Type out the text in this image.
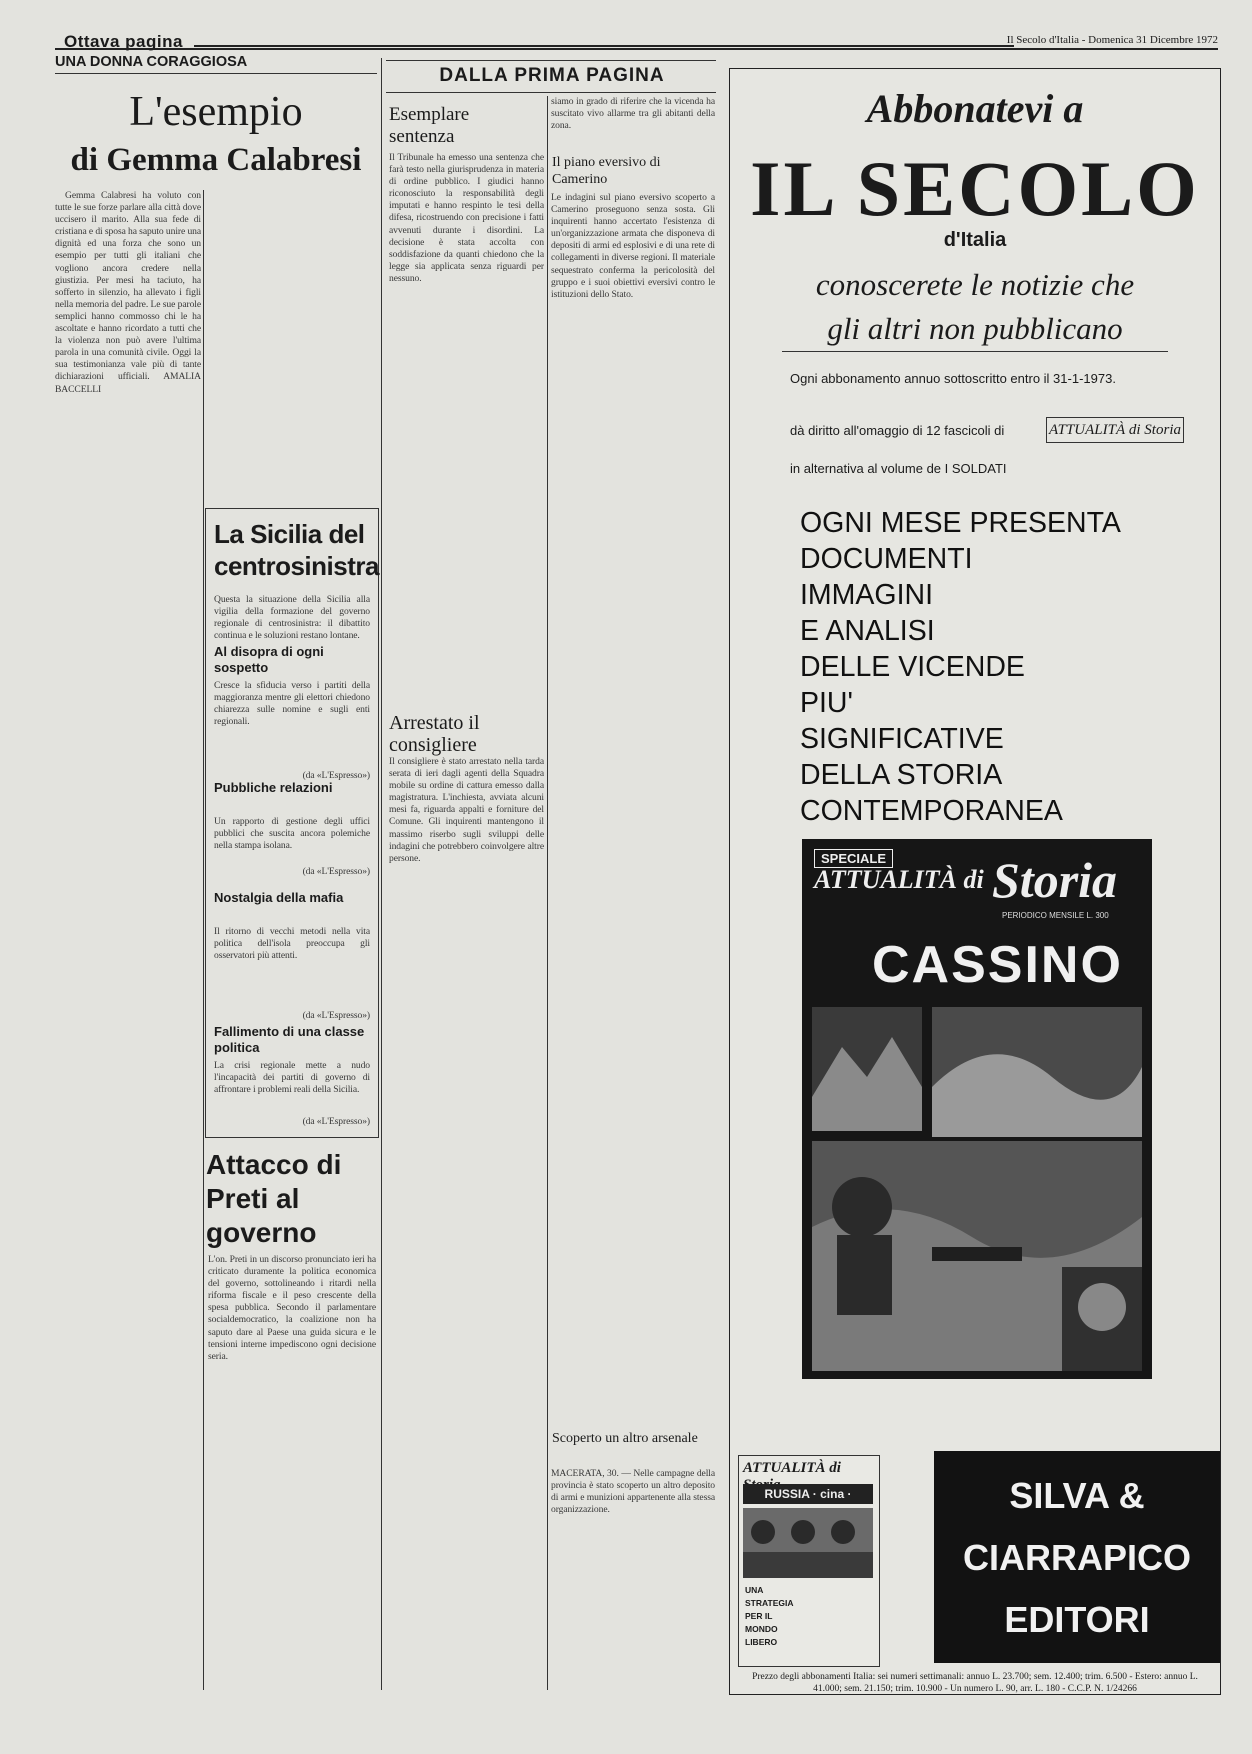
Ottava pagina	Il Secolo d'Italia - Domenica 31 Dicembre 1972
UNA DONNA CORAGGIOSA
L'esempio
di Gemma Calabresi

Gemma Calabresi ha voluto con tutte le sue forze parlare alla città dove uccisero il marito. Alla sua fede di cristiana e di sposa ha saputo unire una dignità ed una forza che sono un esempio per tutti gli italiani che vogliono ancora credere nella giustizia. Per mesi ha taciuto, ha sofferto in silenzio, ha allevato i figli nella memoria del padre. Le sue parole semplici hanno commosso chi le ha ascoltate e hanno ricordato a tutti che la violenza non può avere l'ultima parola in una comunità civile. Oggi la sua testimonianza vale più di tante dichiarazioni ufficiali. AMALIA BACCELLI

La Sicilia del centrosinistra
Questa la situazione della Sicilia alla vigilia della formazione del governo regionale di centrosinistra: il dibattito continua e le soluzioni restano lontane.
Al disopra di ogni sospetto
Cresce la sfiducia verso i partiti della maggioranza mentre gli elettori chiedono chiarezza sulle nomine e sugli enti regionali.
(da «L'Espresso»)
Pubbliche relazioni
Un rapporto di gestione degli uffici pubblici che suscita ancora polemiche nella stampa isolana.
(da «L'Espresso»)
Nostalgia della mafia
Il ritorno di vecchi metodi nella vita politica dell'isola preoccupa gli osservatori più attenti.
(da «L'Espresso»)
Fallimento di una classe politica
La crisi regionale mette a nudo l'incapacità dei partiti di governo di affrontare i problemi reali della Sicilia.
(da «L'Espresso»)
Attacco di Preti al governo
L'on. Preti in un discorso pronunciato ieri ha criticato duramente la politica economica del governo, sottolineando i ritardi nella riforma fiscale e il peso crescente della spesa pubblica. Secondo il parlamentare socialdemocratico, la coalizione non ha saputo dare al Paese una guida sicura e le tensioni interne impediscono ogni decisione seria.
DALLA PRIMA PAGINA
Esemplare sentenza
Il Tribunale ha emesso una sentenza che farà testo nella giurisprudenza in materia di ordine pubblico. I giudici hanno riconosciuto la responsabilità degli imputati e hanno respinto le tesi della difesa, ricostruendo con precisione i fatti avvenuti durante i disordini. La decisione è stata accolta con soddisfazione da quanti chiedono che la legge sia applicata senza riguardi per nessuno.
Arrestato il consigliere
Il consigliere è stato arrestato nella tarda serata di ieri dagli agenti della Squadra mobile su ordine di cattura emesso dalla magistratura. L'inchiesta, avviata alcuni mesi fa, riguarda appalti e forniture del Comune. Gli inquirenti mantengono il massimo riserbo sugli sviluppi delle indagini che potrebbero coinvolgere altre persone.
siamo in grado di riferire che la vicenda ha suscitato vivo allarme tra gli abitanti della zona.
Il piano eversivo di Camerino
Le indagini sul piano eversivo scoperto a Camerino proseguono senza sosta. Gli inquirenti hanno accertato l'esistenza di un'organizzazione armata che disponeva di depositi di armi ed esplosivi e di una rete di collegamenti in diverse regioni. Il materiale sequestrato conferma la pericolosità del gruppo e i suoi obiettivi eversivi contro le istituzioni dello Stato.
Scoperto un altro arsenale
MACERATA, 30. — Nelle campagne della provincia è stato scoperto un altro deposito di armi e munizioni appartenente alla stessa organizzazione.
Abbonatevi a
IL SECOLO
d'Italia
conoscerete le notizie che
gli altri non pubblicano
Ogni abbonamento annuo sottoscritto entro il 31-1-1973.
dà diritto all'omaggio di 12 fascicoli di	ATTUALITÀ di Storia
in alternativa al volume de I SOLDATI
OGNI MESE PRESENTA
DOCUMENTI
IMMAGINI
E ANALISI
DELLE VICENDE
PIU'
SIGNIFICATIVE
DELLA STORIA
CONTEMPORANEA
SPECIALE
ATTUALITÀ di Storia
PERIODICO MENSILE L. 300
CASSINO
ATTUALITÀ di
RUSSIA · cina ·
UNA STRATEGIA PER IL MONDO LIBERO
SILVA &
CIARRAPICO
EDITORI
Prezzo degli abbonamenti Italia: sei numeri settimanali: annuo L. 23.700; sem. 12.400; trim. 6.500 - Estero: annuo L. 41.000; sem. 21.150; trim. 10.900 - Un numero L. 90, arr. L. 180 - C.C.P. N. 1/24266
